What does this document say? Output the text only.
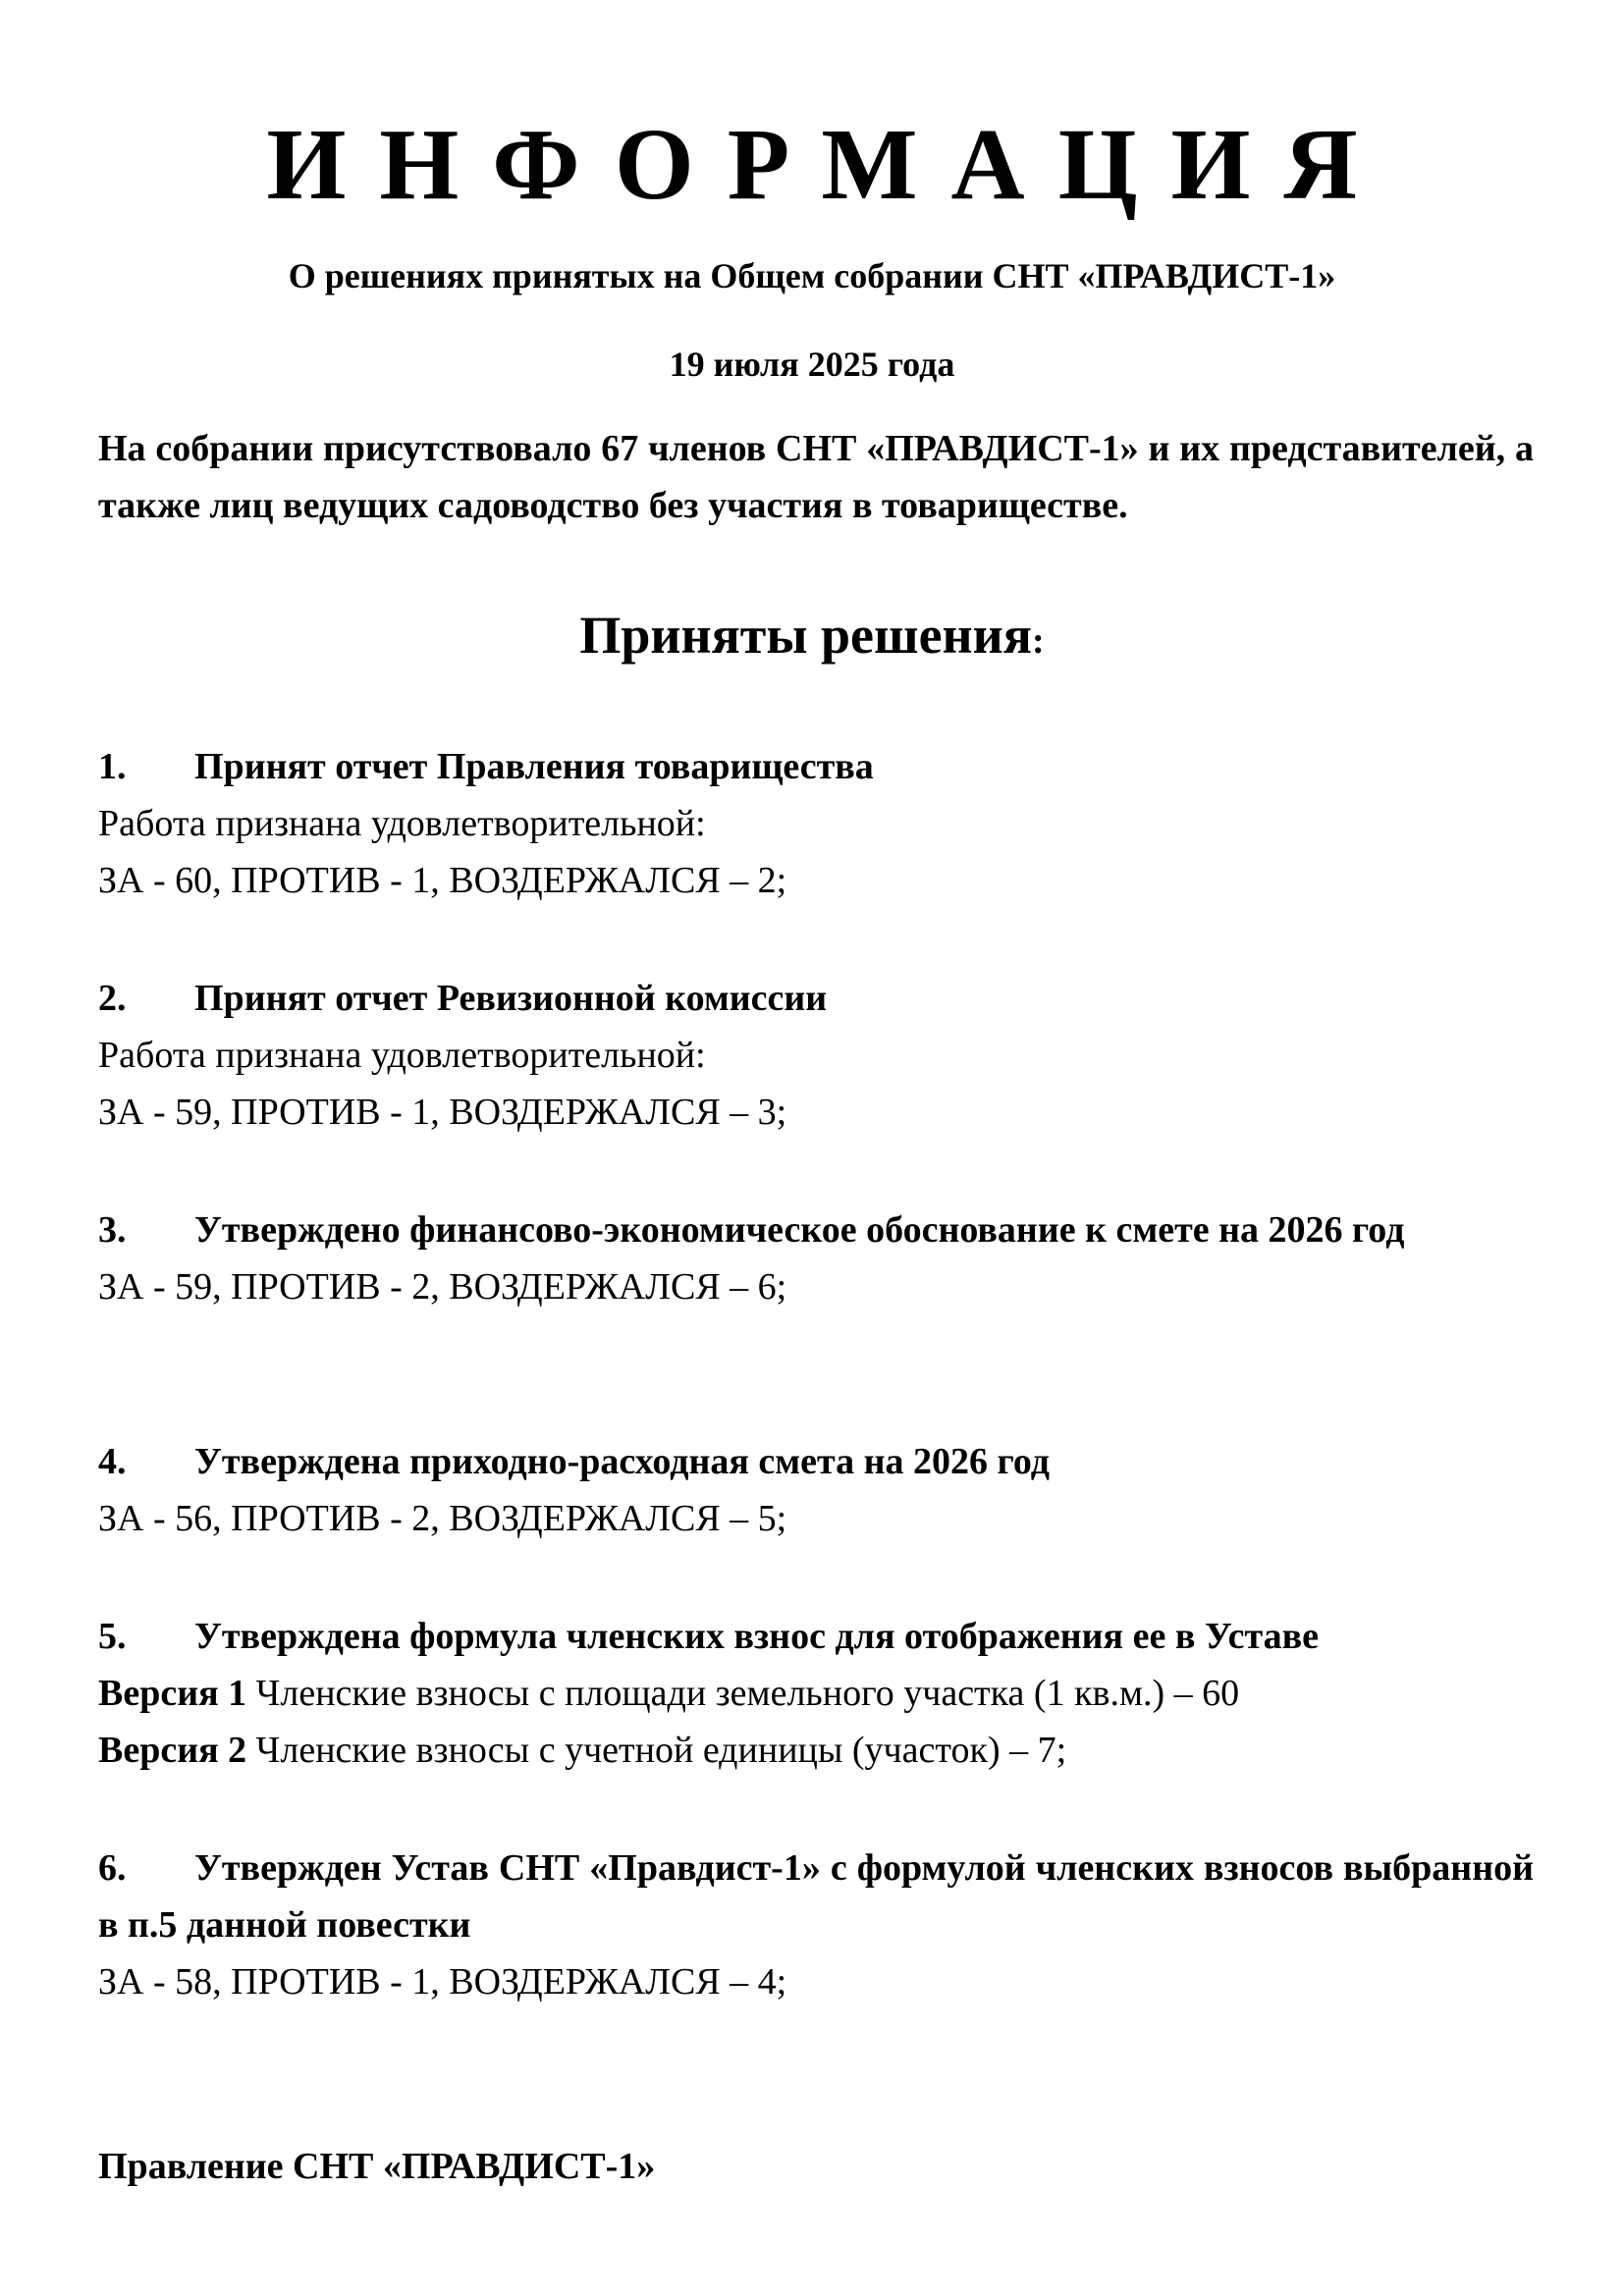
ИНФОРМАЦИЯ
О решениях принятых на Общем собрании СНТ «ПРАВДИСТ-1»
19 июля 2025 года
На собрании присутствовало 67 членов СНТ «ПРАВДИСТ-1» и их представителей, а также лиц ведущих садоводство без участия в товариществе.
Приняты решения:
1. Принят отчет Правления товарищества
Работа признана удовлетворительной:
ЗА - 60, ПРОТИВ - 1, ВОЗДЕРЖАЛСЯ – 2;
2. Принят отчет Ревизионной комиссии
Работа признана удовлетворительной:
ЗА - 59, ПРОТИВ - 1, ВОЗДЕРЖАЛСЯ – 3;
3. Утверждено финансово-экономическое обоснование к смете на 2026 год
ЗА - 59, ПРОТИВ - 2, ВОЗДЕРЖАЛСЯ – 6;
4. Утверждена приходно-расходная смета на 2026 год
ЗА - 56, ПРОТИВ - 2, ВОЗДЕРЖАЛСЯ – 5;
5. Утверждена формула членских взнос для отображения ее в Уставе
Версия 1 Членские взносы с площади земельного участка (1 кв.м.) – 60
Версия 2 Членские взносы с учетной единицы (участок) – 7;
6. Утвержден Устав СНТ «Правдист-1» с формулой членских взносов выбранной в п.5 данной повестки
ЗА - 58, ПРОТИВ - 1, ВОЗДЕРЖАЛСЯ – 4;
Правление СНТ «ПРАВДИСТ-1»
